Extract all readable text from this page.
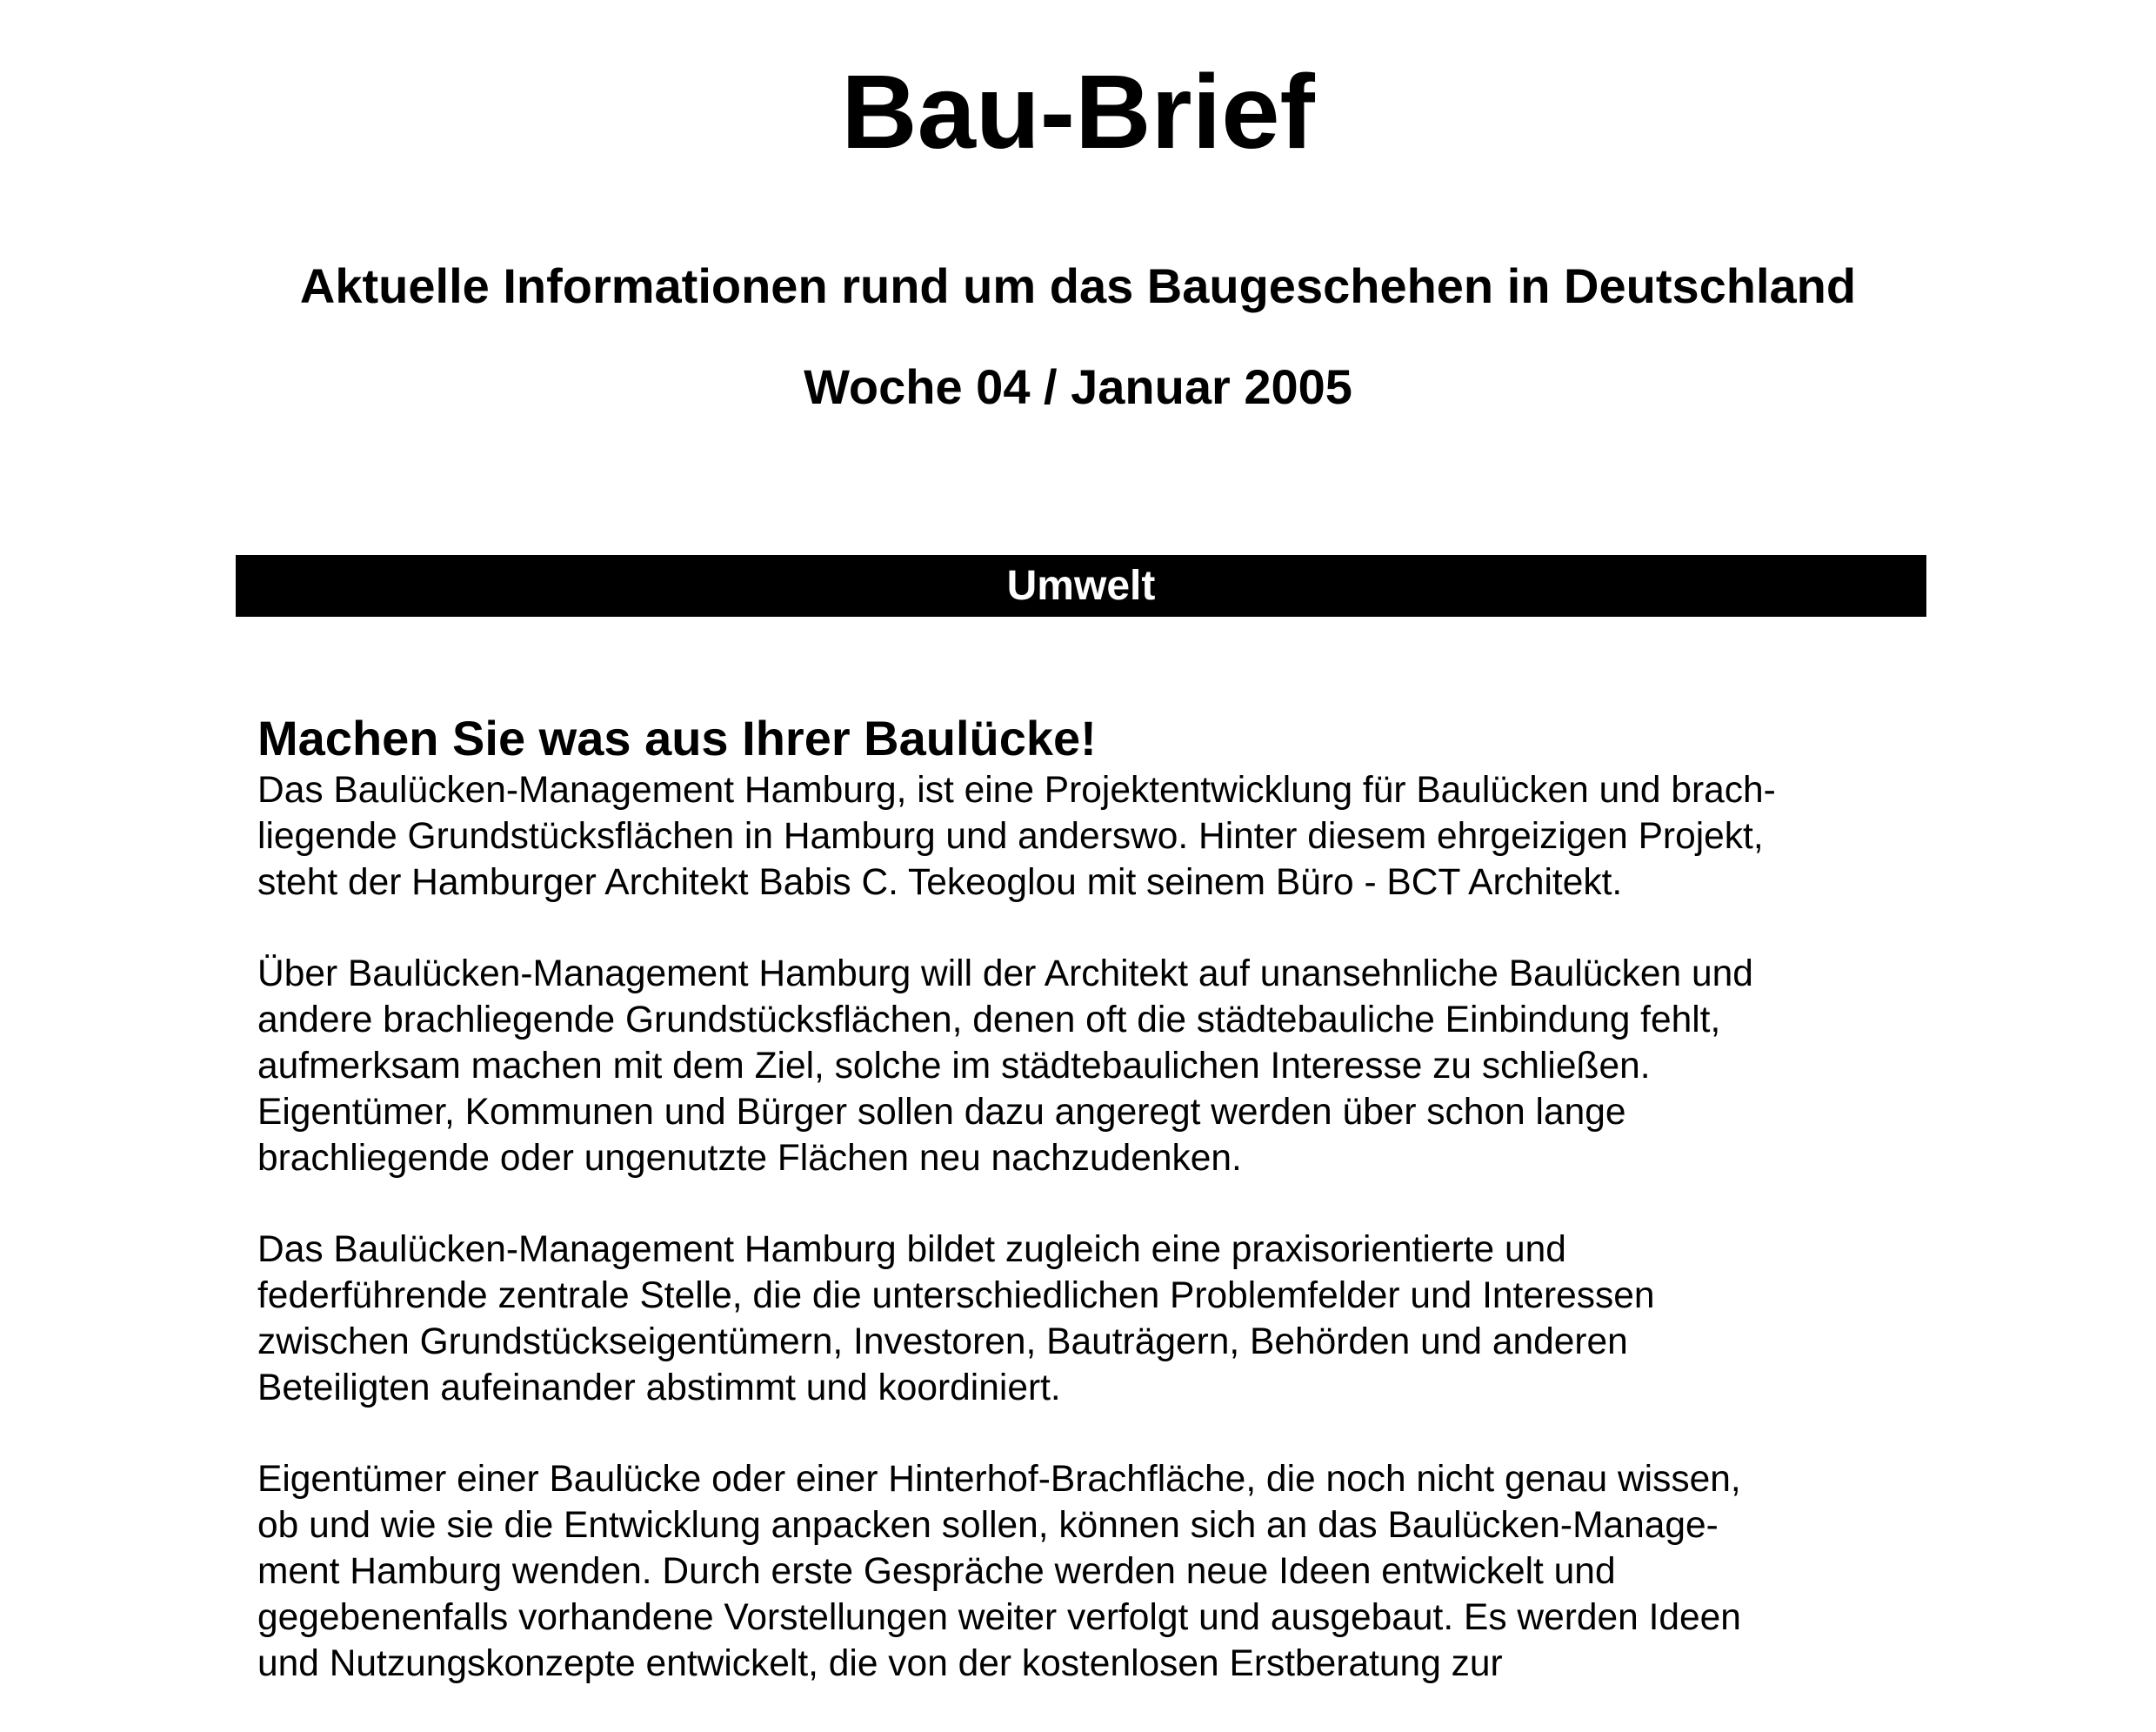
Bau-Brief
Aktuelle Informationen rund um das Baugeschehen in Deutschland
Woche 04 / Januar 2005
Umwelt
Machen Sie was aus Ihrer Baulücke!

Das Baulücken-Management Hamburg, ist eine Projektentwicklung für Baulücken und brach-
liegende Grundstücksflächen in Hamburg und anderswo. Hinter diesem ehrgeizigen Projekt,
steht der Hamburger Architekt Babis C. Tekeoglou mit seinem Büro - BCT Architekt.

Über Baulücken-Management Hamburg will der Architekt auf unansehnliche Baulücken und
andere brachliegende Grundstücksflächen, denen oft die städtebauliche Einbindung fehlt,
aufmerksam machen mit dem Ziel, solche im städtebaulichen Interesse zu schließen.
Eigentümer, Kommunen und Bürger sollen dazu angeregt werden über schon lange
brachliegende oder ungenutzte Flächen neu nachzudenken.

Das Baulücken-Management Hamburg bildet zugleich eine praxisorientierte und
federführende zentrale Stelle, die die unterschiedlichen Problemfelder und Interessen
zwischen Grundstückseigentümern, Investoren, Bauträgern, Behörden und anderen
Beteiligten aufeinander abstimmt und koordiniert.

Eigentümer einer Baulücke oder einer Hinterhof-Brachfläche, die noch nicht genau wissen,
ob und wie sie die Entwicklung anpacken sollen, können sich an das Baulücken-Manage-
ment Hamburg wenden. Durch erste Gespräche werden neue Ideen entwickelt und
gegebenenfalls vorhandene Vorstellungen weiter verfolgt und ausgebaut. Es werden Ideen
und Nutzungskonzepte entwickelt, die von der kostenlosen Erstberatung zur
